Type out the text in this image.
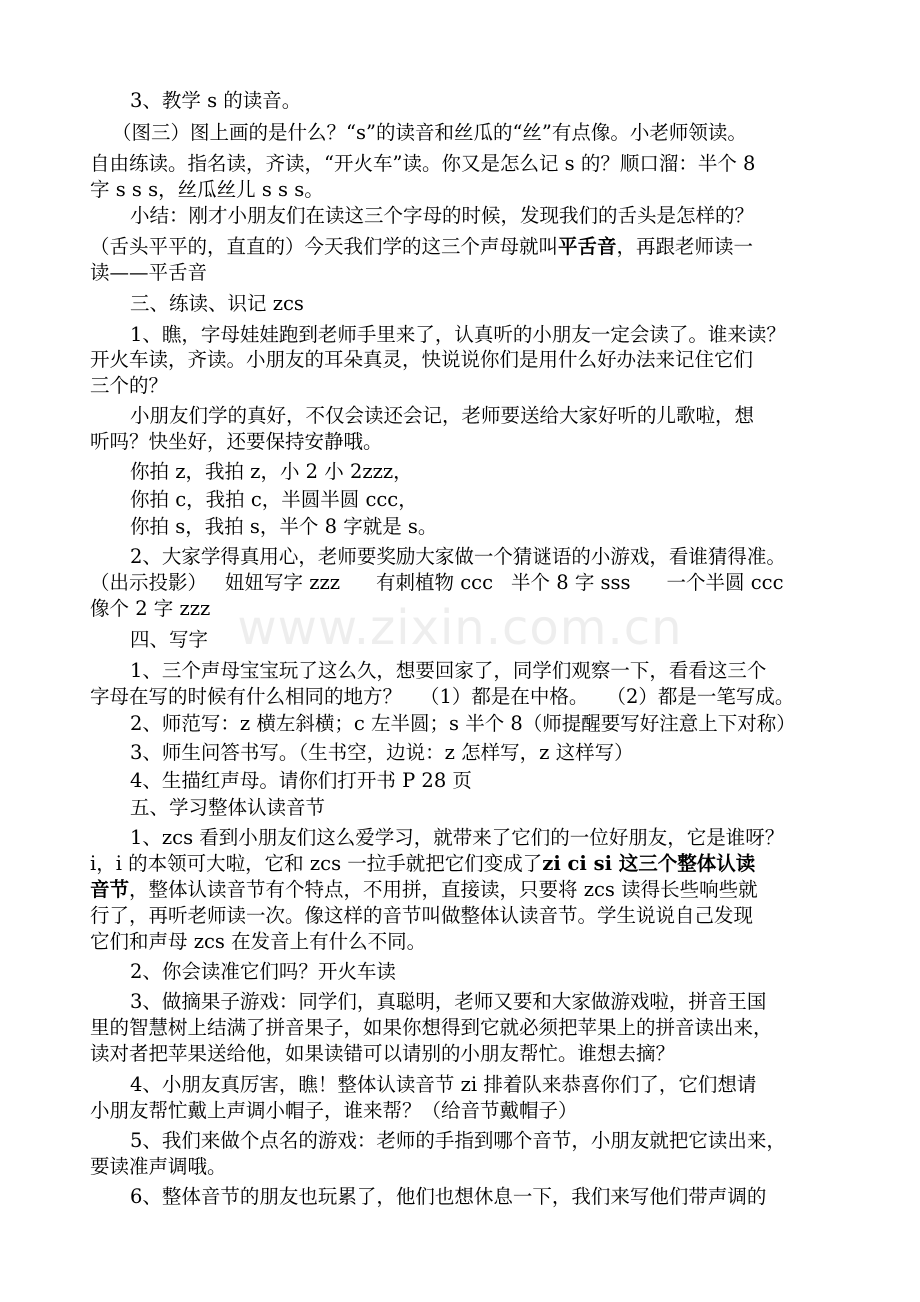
www.zixin.com.cn
3、教学 s 的读音。
（图三）图上画的是什么？“s”的读音和丝瓜的“丝”有点像。小老师领读。
自由练读。指名读，齐读，“开火车”读。你又是怎么记 s 的？顺口溜：半个 8
字 s s s，丝瓜丝儿 s s s。
小结：刚才小朋友们在读这三个字母的时候，发现我们的舌头是怎样的？
（舌头平平的，直直的）今天我们学的这三个声母就叫平舌音，再跟老师读一
读——平舌音
三、练读、识记 zcs
1、瞧，字母娃娃跑到老师手里来了，认真听的小朋友一定会读了。谁来读？
开火车读，齐读。小朋友的耳朵真灵，快说说你们是用什么好办法来记住它们
三个的？
小朋友们学的真好，不仅会读还会记，老师要送给大家好听的儿歌啦，想
听吗？快坐好，还要保持安静哦。
你拍 z，我拍 z，小 2 小 2zzz，
你拍 c，我拍 c，半圆半圆 ccc，
你拍 s，我拍 s，半个 8 字就是 s。
2、大家学得真用心，老师要奖励大家做一个猜谜语的小游戏，看谁猜得准。
（出示投影） 妞妞写字 zzz 有刺植物 ccc 半个 8 字 sss 一个半圆 ccc
像个 2 字 zzz
四、写字
1、三个声母宝宝玩了这么久，想要回家了，同学们观察一下，看看这三个
字母在写的时候有什么相同的地方？ （1）都是在中格。 （2）都是一笔写成。
2、师范写：z 横左斜横；c 左半圆；s 半个 8（师提醒要写好注意上下对称）
3、师生问答书写。（生书空，边说：z 怎样写，z 这样写）
4、生描红声母。请你们打开书 P 28 页
五、学习整体认读音节
1、zcs 看到小朋友们这么爱学习，就带来了它们的一位好朋友，它是谁呀？
i，i 的本领可大啦，它和 zcs 一拉手就把它们变成了zi ci si 这三个整体认读
音节，整体认读音节有个特点，不用拼，直接读，只要将 zcs 读得长些响些就
行了，再听老师读一次。像这样的音节叫做整体认读音节。学生说说自己发现
它们和声母 zcs 在发音上有什么不同。
2、你会读准它们吗？开火车读
3、做摘果子游戏：同学们，真聪明，老师又要和大家做游戏啦，拼音王国
里的智慧树上结满了拼音果子，如果你想得到它就必须把苹果上的拼音读出来，
读对者把苹果送给他，如果读错可以请别的小朋友帮忙。谁想去摘？
4、小朋友真厉害，瞧！整体认读音节 zi 排着队来恭喜你们了，它们想请
小朋友帮忙戴上声调小帽子，谁来帮？（给音节戴帽子）
5、我们来做个点名的游戏：老师的手指到哪个音节，小朋友就把它读出来，
要读准声调哦。
6、整体音节的朋友也玩累了，他们也想休息一下，我们来写他们带声调的
